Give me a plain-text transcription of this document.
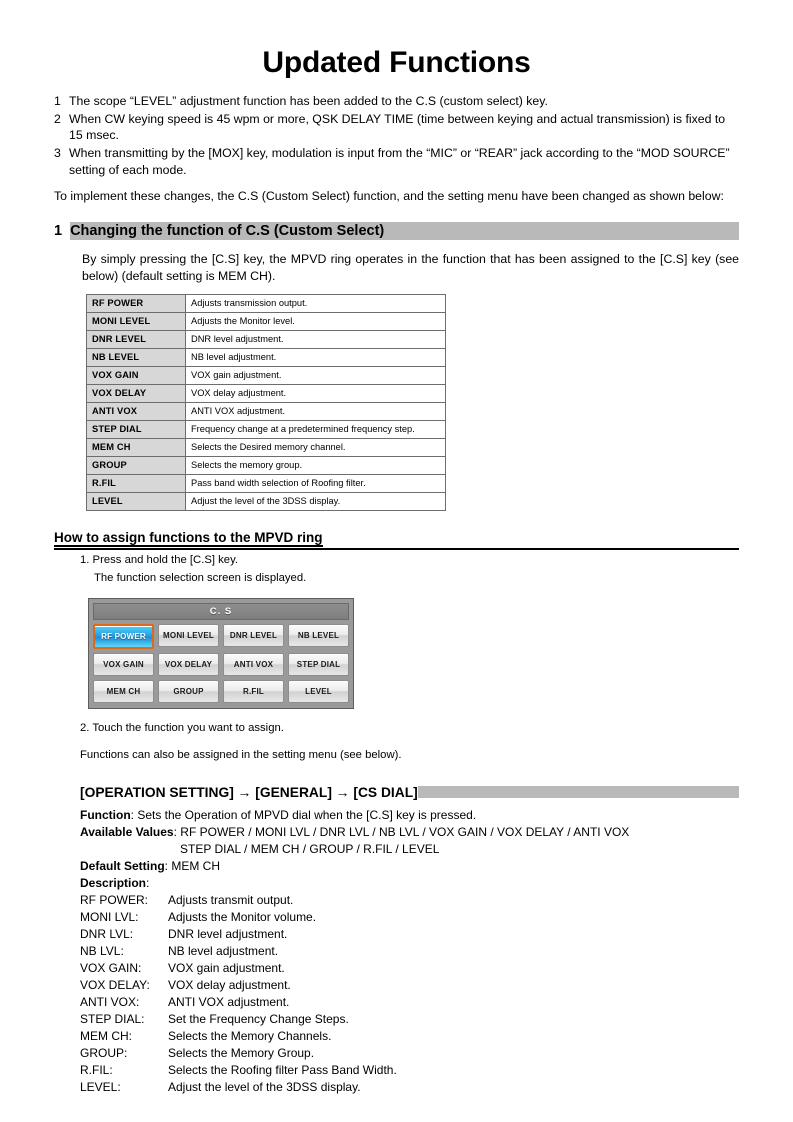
Updated Functions
1 The scope “LEVEL” adjustment function has been added to the C.S (custom select) key.
2 When CW keying speed is 45 wpm or more, QSK DELAY TIME (time between keying and actual transmission) is fixed to 15 msec.
3 When transmitting by the [MOX] key, modulation is input from the “MIC” or “REAR” jack according to the “MOD SOURCE” setting of each mode.

To implement these changes, the C.S (Custom Select) function, and the setting menu have been changed as shown below:

1 Changing the function of C.S (Custom Select)

By simply pressing the [C.S] key, the MPVD ring operates in the function that has been assigned to the [C.S] key (see below) (default setting is MEM CH).

RF POWER	Adjusts transmission output.
MONI LEVEL	Adjusts the Monitor level.
DNR LEVEL	DNR level adjustment.
NB LEVEL	NB level adjustment.
VOX GAIN	VOX gain adjustment.
VOX DELAY	VOX delay adjustment.
ANTI VOX	ANTI VOX adjustment.
STEP DIAL	Frequency change at a predetermined frequency step.
MEM CH	Selects the Desired memory channel.
GROUP	Selects the memory group.
R.FIL	Pass band width selection of Roofing filter.
LEVEL	Adjust the level of the 3DSS display.
How to assign functions to the MPVD ring

1. Press and hold the [C.S] key.

The function selection screen is displayed.

C. S
RF POWER	MONI LEVEL	DNR LEVEL	NB LEVEL
VOX GAIN	VOX DELAY	ANTI VOX	STEP DIAL
MEM CH	GROUP	R.FIL	LEVEL

2. Touch the function you want to assign.

Functions can also be assigned in the setting menu (see below).

[OPERATION SETTING] → [GENERAL] → [CS DIAL]
Function: Sets the Operation of MPVD dial when the [C.S] key is pressed.
Available Values: RF POWER / MONI LVL / DNR LVL / NB LVL / VOX GAIN / VOX DELAY / ANTI VOX
STEP DIAL / MEM CH / GROUP / R.FIL / LEVEL
Default Setting: MEM CH
Description:
RF POWER:	Adjusts transmit output.
MONI LVL:	Adjusts the Monitor volume.
DNR LVL:	DNR level adjustment.
NB LVL:	NB level adjustment.
VOX GAIN:	VOX gain adjustment.
VOX DELAY:	VOX delay adjustment.
ANTI VOX:	ANTI VOX adjustment.
STEP DIAL:	Set the Frequency Change Steps.
MEM CH:	Selects the Memory Channels.
GROUP:	Selects the Memory Group.
R.FIL:	Selects the Roofing filter Pass Band Width.
LEVEL:	Adjust the level of the 3DSS display.
